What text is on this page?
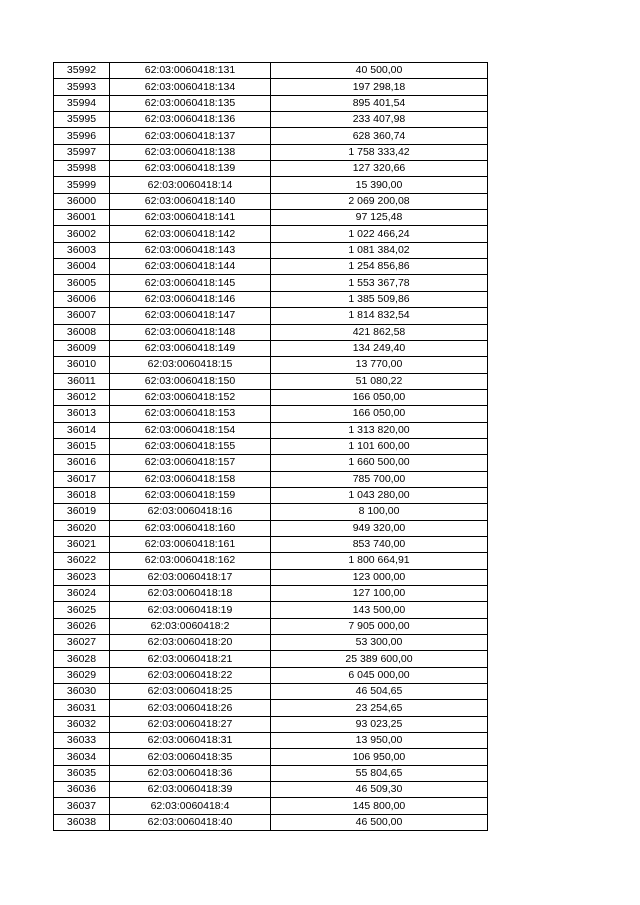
35992	62:03:0060418:131	40 500,00
35993	62:03:0060418:134	197 298,18
35994	62:03:0060418:135	895 401,54
35995	62:03:0060418:136	233 407,98
35996	62:03:0060418:137	628 360,74
35997	62:03:0060418:138	1 758 333,42
35998	62:03:0060418:139	127 320,66
35999	62:03:0060418:14	15 390,00
36000	62:03:0060418:140	2 069 200,08
36001	62:03:0060418:141	97 125,48
36002	62:03:0060418:142	1 022 466,24
36003	62:03:0060418:143	1 081 384,02
36004	62:03:0060418:144	1 254 856,86
36005	62:03:0060418:145	1 553 367,78
36006	62:03:0060418:146	1 385 509,86
36007	62:03:0060418:147	1 814 832,54
36008	62:03:0060418:148	421 862,58
36009	62:03:0060418:149	134 249,40
36010	62:03:0060418:15	13 770,00
36011	62:03:0060418:150	51 080,22
36012	62:03:0060418:152	166 050,00
36013	62:03:0060418:153	166 050,00
36014	62:03:0060418:154	1 313 820,00
36015	62:03:0060418:155	1 101 600,00
36016	62:03:0060418:157	1 660 500,00
36017	62:03:0060418:158	785 700,00
36018	62:03:0060418:159	1 043 280,00
36019	62:03:0060418:16	8 100,00
36020	62:03:0060418:160	949 320,00
36021	62:03:0060418:161	853 740,00
36022	62:03:0060418:162	1 800 664,91
36023	62:03:0060418:17	123 000,00
36024	62:03:0060418:18	127 100,00
36025	62:03:0060418:19	143 500,00
36026	62:03:0060418:2	7 905 000,00
36027	62:03:0060418:20	53 300,00
36028	62:03:0060418:21	25 389 600,00
36029	62:03:0060418:22	6 045 000,00
36030	62:03:0060418:25	46 504,65
36031	62:03:0060418:26	23 254,65
36032	62:03:0060418:27	93 023,25
36033	62:03:0060418:31	13 950,00
36034	62:03:0060418:35	106 950,00
36035	62:03:0060418:36	55 804,65
36036	62:03:0060418:39	46 509,30
36037	62:03:0060418:4	145 800,00
36038	62:03:0060418:40	46 500,00
